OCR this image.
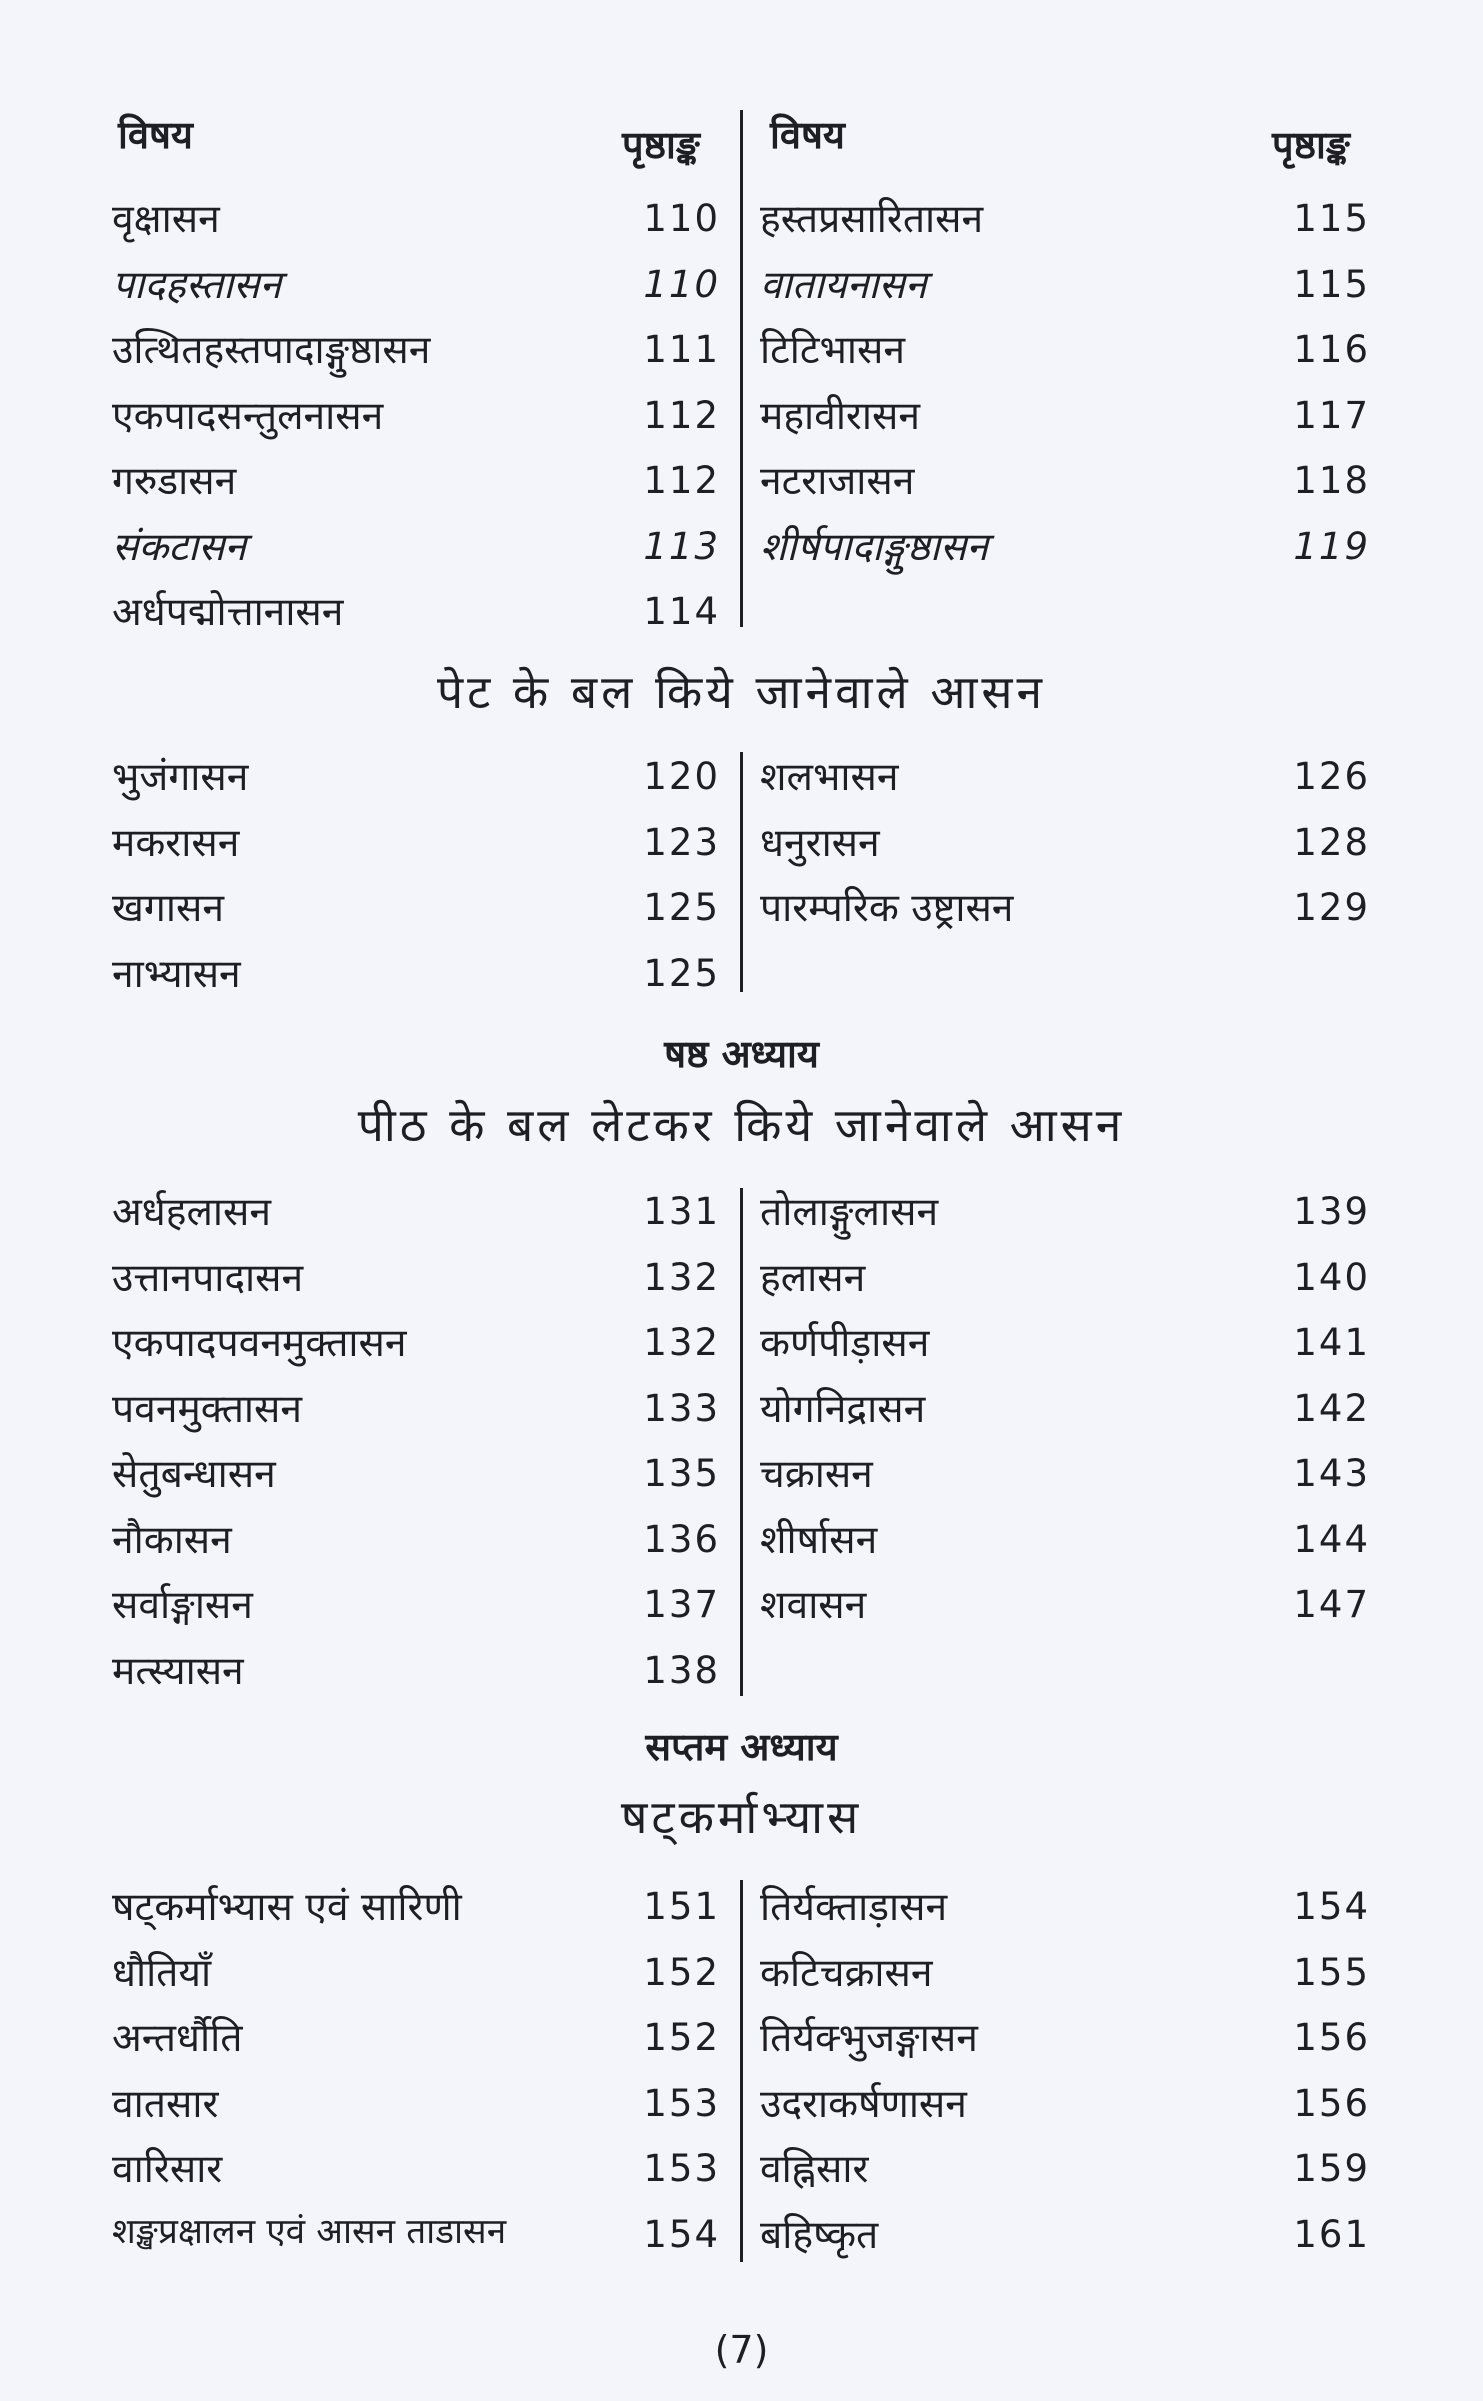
विषय	पृष्ठाङ्क विषय	पृष्ठाङ्क
वृक्षासन	110
पादहस्तासन	110
उत्थितहस्तपादाङ्गुष्ठासन	111
एकपादसन्तुलनासन	112
गरुडासन	112
संकटासन	113
अर्धपद्मोत्तानासन	114
हस्तप्रसारितासन	115
वातायनासन	115
टिटिभासन	116
महावीरासन	117
नटराजासन	118
शीर्षपादाङ्गुष्ठासन	119
पेट के बल किये जानेवाले आसन
भुजंगासन	120
मकरासन	123
खगासन	125
नाभ्यासन	125
शलभासन	126
धनुरासन	128
पारम्परिक उष्ट्रासन	129
षष्ठ अध्याय
पीठ के बल लेटकर किये जानेवाले आसन
अर्धहलासन	131
उत्तानपादासन	132
एकपादपवनमुक्तासन	132
पवनमुक्तासन	133
सेतुबन्धासन	135
नौकासन	136
सर्वाङ्गासन	137
मत्स्यासन	138
तोलाङ्गुलासन	139
हलासन	140
कर्णपीड़ासन	141
योगनिद्रासन	142
चक्रासन	143
शीर्षासन	144
शवासन	147
सप्तम अध्याय
षट्कर्माभ्यास
षट्कर्माभ्यास एवं सारिणी	151
धौतियाँ	152
अन्तर्धौति	152
वातसार	153
वारिसार	153
शङ्खप्रक्षालन एवं आसन ताडासन	154
तिर्यक्ताड़ासन	154
कटिचक्रासन	155
तिर्यक्भुजङ्गासन	156
उदराकर्षणासन	156
वह्निसार	159
बहिष्कृत	161
(7)
